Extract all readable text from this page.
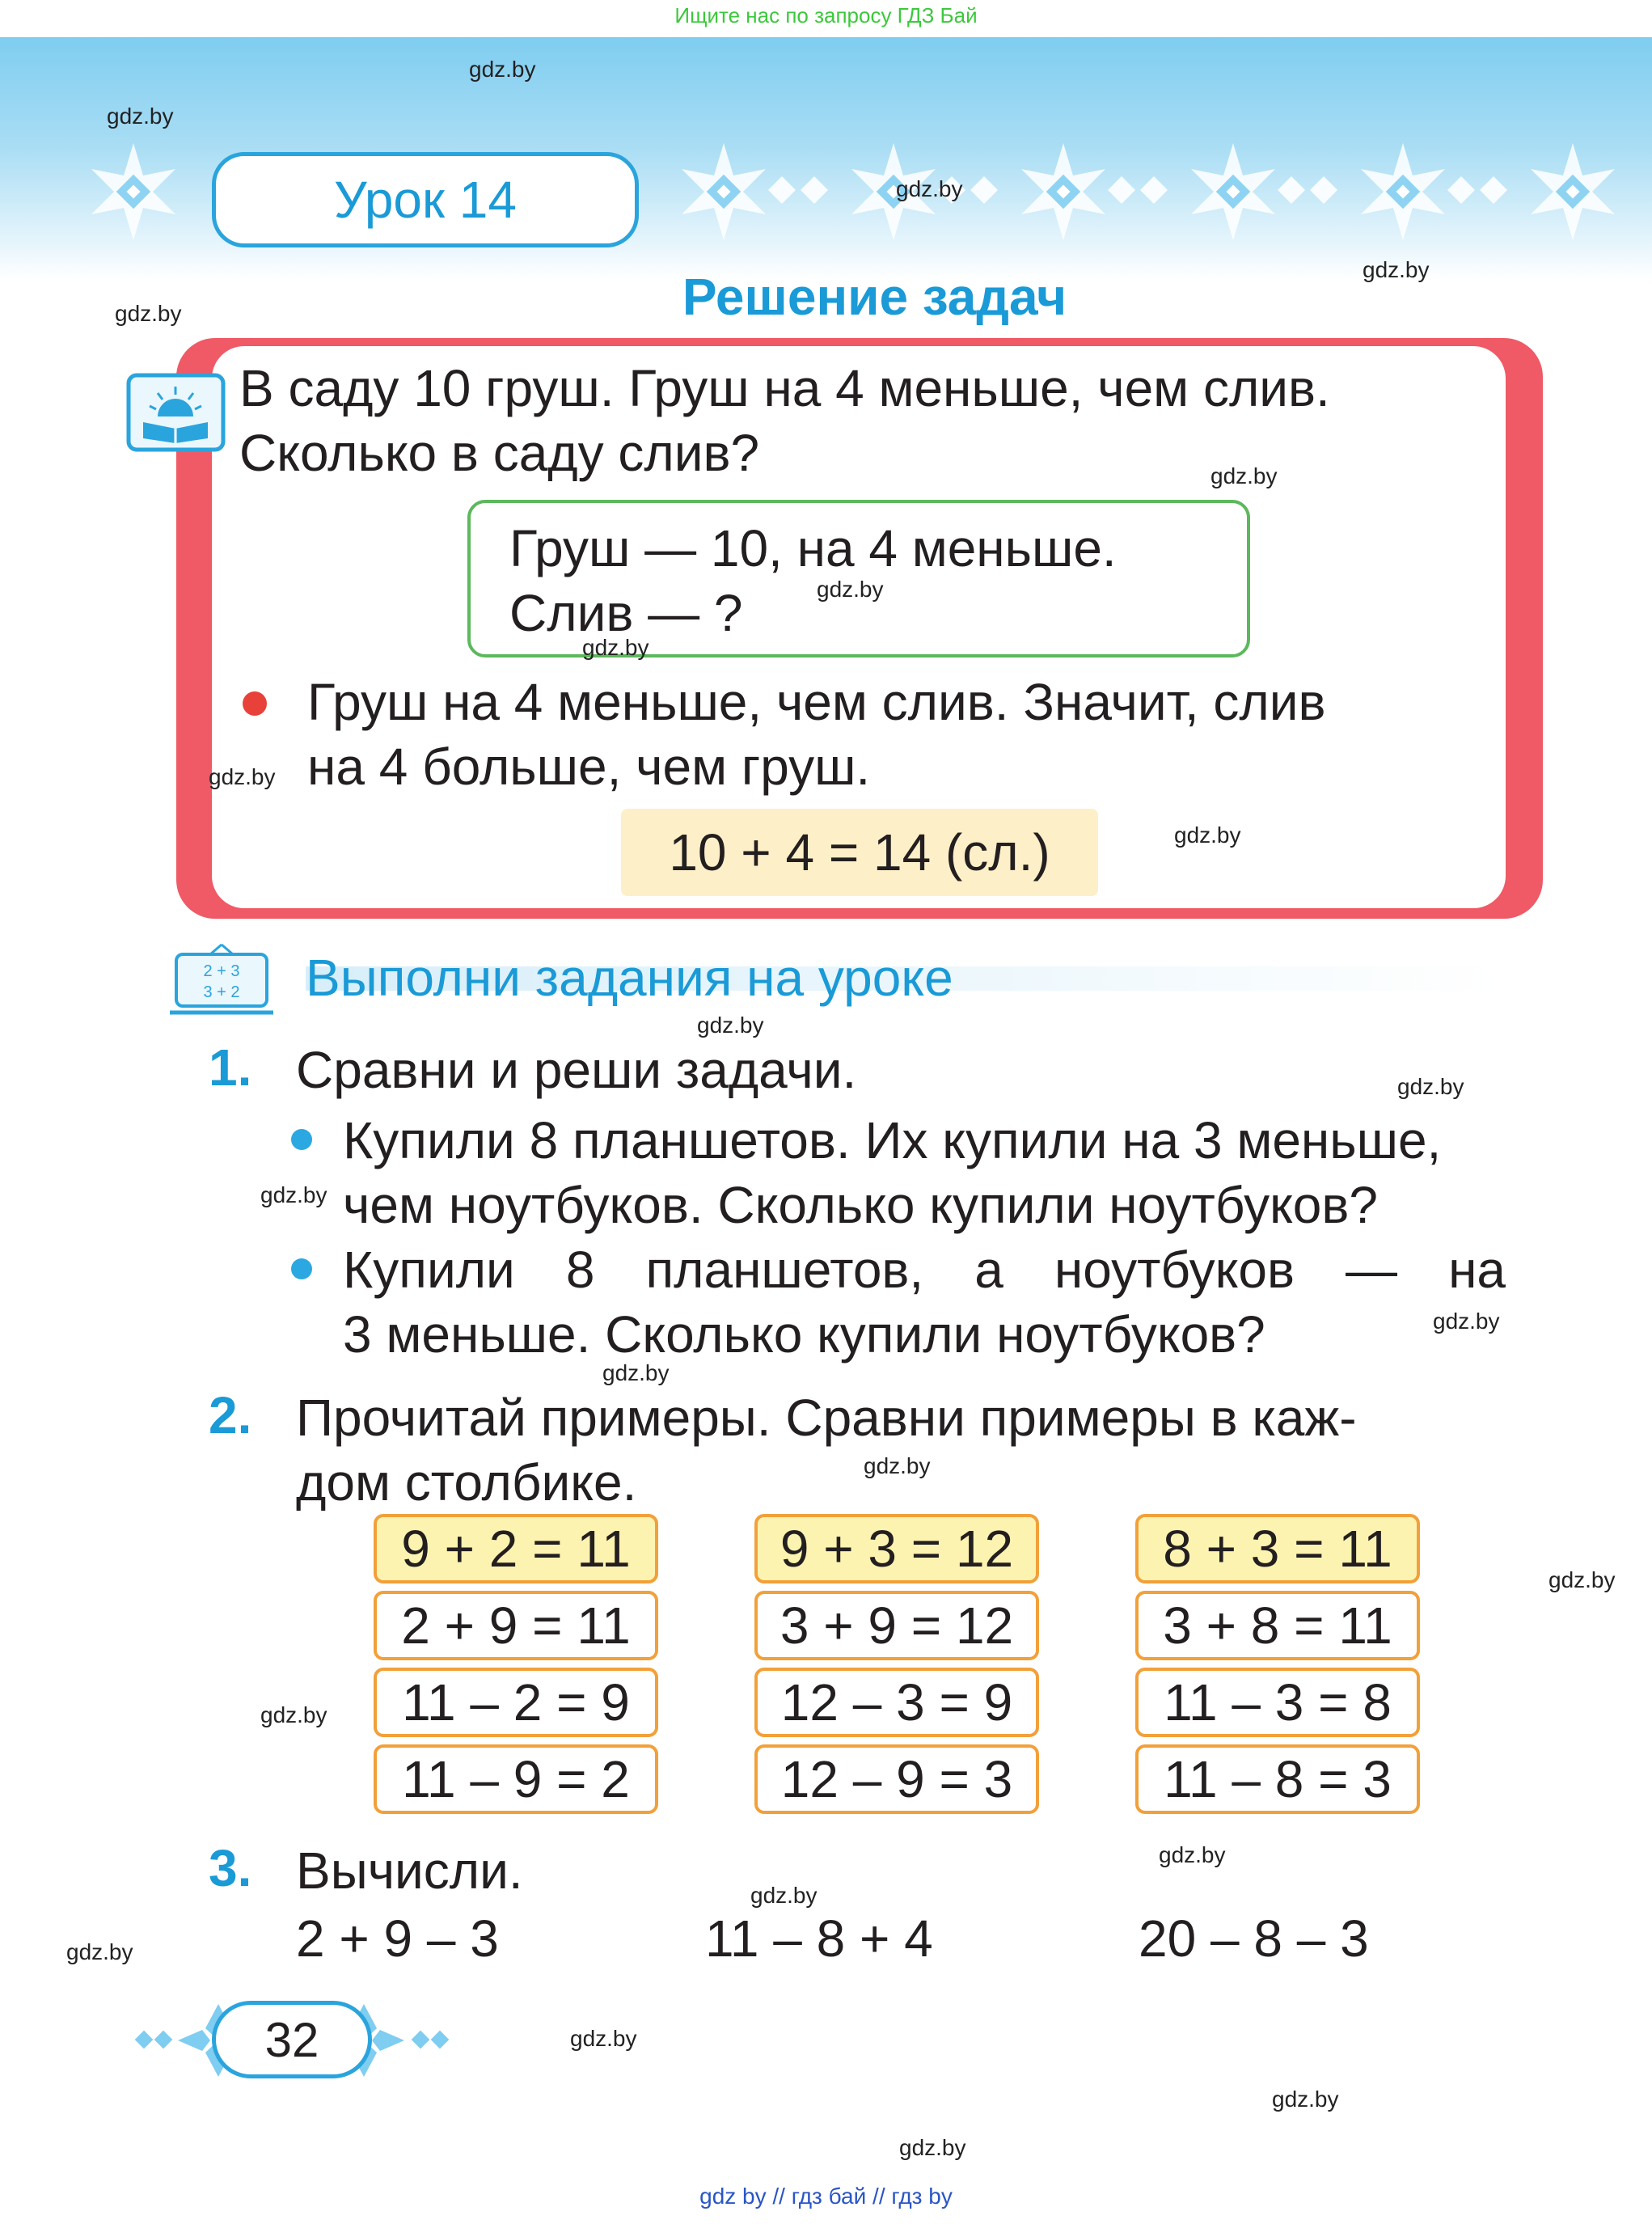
Ищите нас по запросу ГДЗ Бай
Урок 14
Решение задач
В саду 10 груш. Груш на 4 меньше, чем слив.
Сколько в саду слив?
Груш — 10, на 4 меньше.
Слив — ?
Груш на 4 меньше, чем слив. Значит, слив
на 4 больше, чем груш.
10 + 4 = 14 (сл.)
2 + 3
3 + 2 Выполни задания на уроке
1. Сравни и реши задачи.
Купили 8 планшетов. Их купили на 3 меньше,
чем ноутбуков. Сколько купили ноутбуков?
Купили 8 планшетов, а ноутбуков — на
3 меньше. Сколько купили ноутбуков?
2. Прочитай примеры. Сравни примеры в каж-
дом столбике.
9 + 2 = 11
2 + 9 = 11
11 – 2 = 9
11 – 9 = 2
9 + 3 = 12
3 + 9 = 12
12 – 3 = 9
12 – 9 = 3
8 + 3 = 11
3 + 8 = 11
11 – 3 = 8
11 – 8 = 3
3. Вычисли.
2 + 9 – 3	11 – 8 + 4	20 – 8 – 3
32
gdz.by
gdz.by
gdz.by
gdz.by
gdz.by
gdz.by
gdz.by
gdz.by
gdz.by
gdz.by
gdz.by
gdz.by
gdz.by
gdz.by
gdz.by
gdz.by
gdz.by
gdz.by
gdz.by
gdz.by
gdz.by
gdz.by
gdz.by
gdz.by
gdz by // гдз бай // гдз by
